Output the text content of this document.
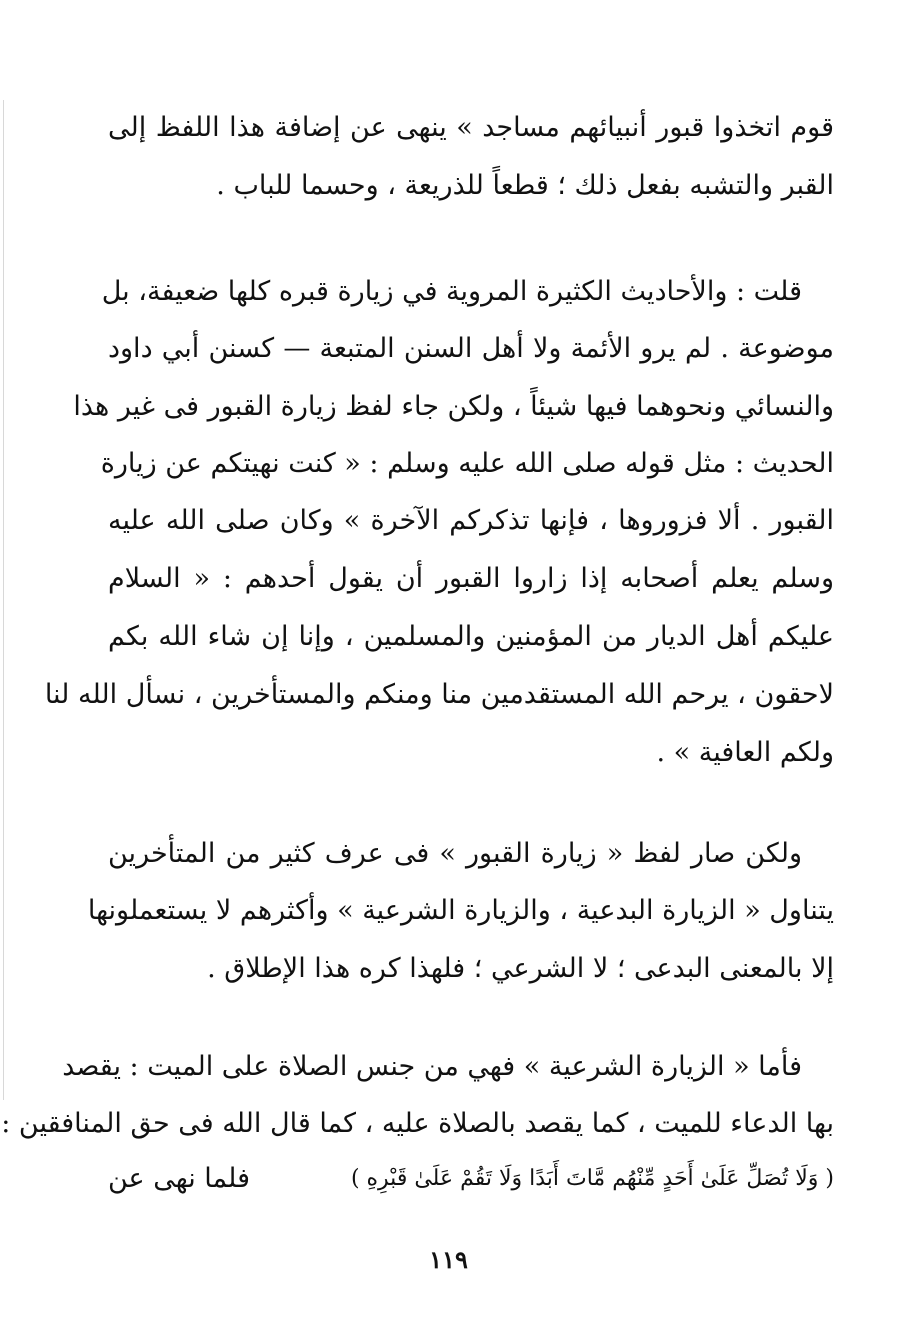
قوم اتخذوا قبور أنبيائهم مساجد » ينهى عن إضافة هذا اللفظ إلى
القبر والتشبه بفعل ذلك ؛ قطعاً للذريعة ، وحسما للباب .
قلت : والأحاديث الكثيرة المروية في زيارة قبره كلها ضعيفة، بل
موضوعة . لم يرو الأئمة ولا أهل السنن المتبعة — كسنن أبي داود
والنسائي ونحوهما فيها شيئاً ، ولكن جاء لفظ زيارة القبور فى غير هذا
الحديث : مثل قوله صلى الله عليه وسلم : « كنت نهيتكم عن زيارة
القبور . ألا فزوروها ، فإنها تذكركم الآخرة » وكان صلى الله عليه
وسلم يعلم أصحابه إذا زاروا القبور أن يقول أحدهم : « السلام
عليكم أهل الديار من المؤمنين والمسلمين ، وإنا إن شاء الله بكم
لاحقون ، يرحم الله المستقدمين منا ومنكم والمستأخرين ، نسأل الله لنا
ولكم العافية » .
ولكن صار لفظ « زيارة القبور » فى عرف كثير من المتأخرين
يتناول « الزيارة البدعية ، والزيارة الشرعية » وأكثرهم لا يستعملونها
إلا بالمعنى البدعى ؛ لا الشرعي ؛ فلهذا كره هذا الإطلاق .
فأما « الزيارة الشرعية » فهي من جنس الصلاة على الميت : يقصد
بها الدعاء للميت ، كما يقصد بالصلاة عليه ، كما قال الله فى حق المنافقين :
( وَلَا تُصَلِّ عَلَىٰ أَحَدٍ مِّنْهُم مَّاتَ أَبَدًا وَلَا تَقُمْ عَلَىٰ قَبْرِهِ )
فلما نهى عن
١١٩
